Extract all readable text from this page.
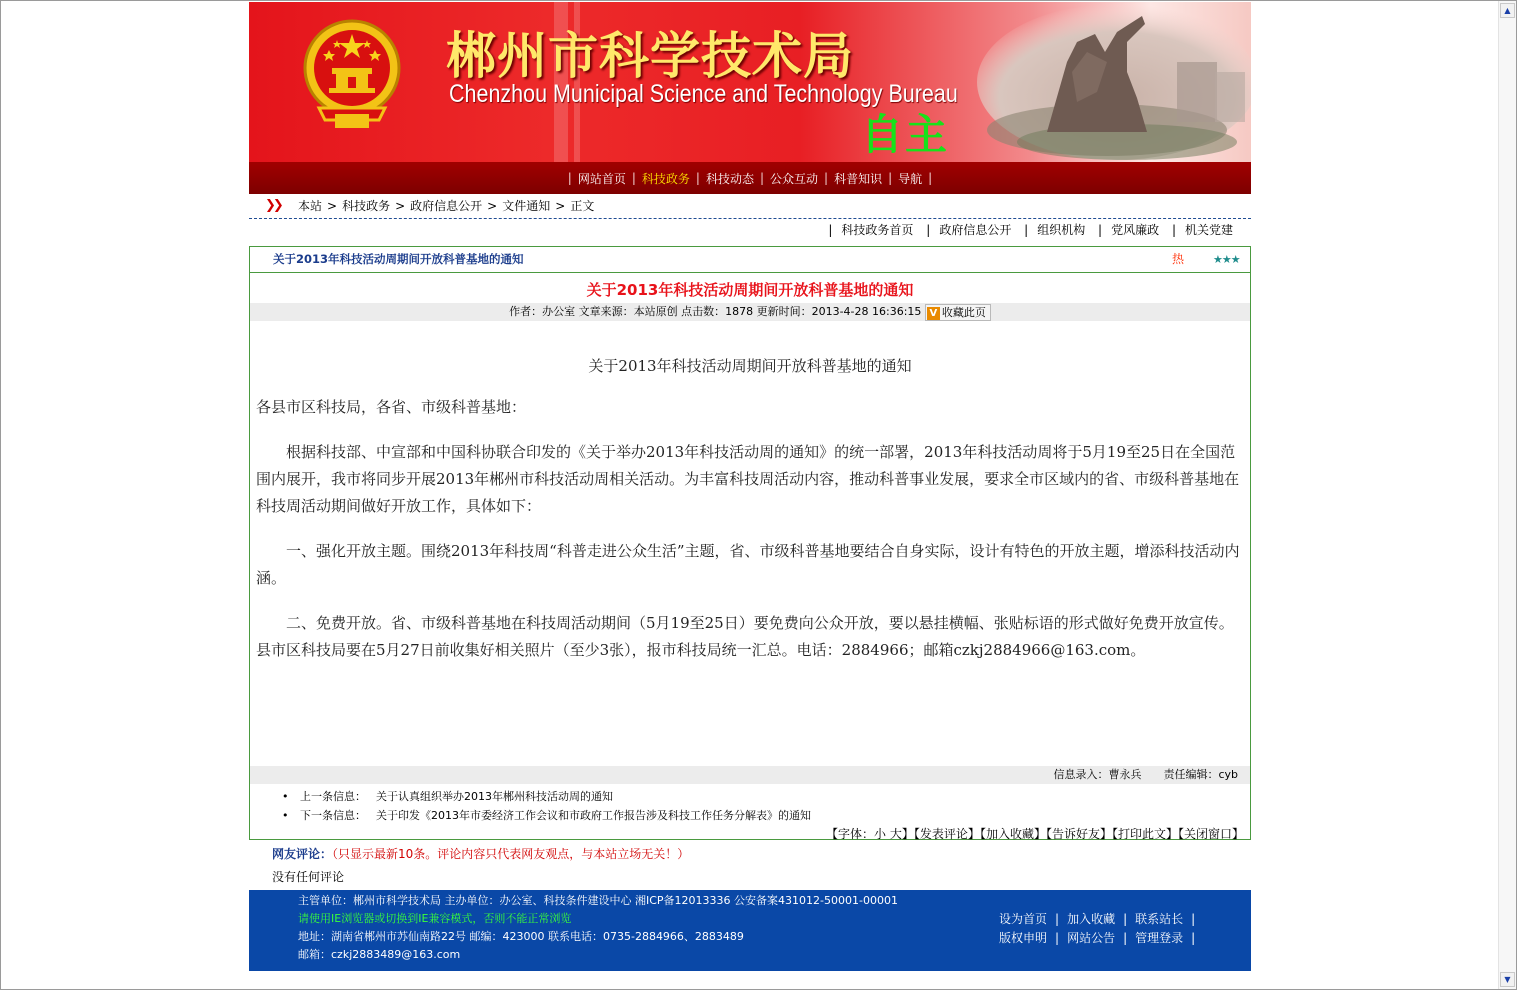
▲
▼
郴州市科学技术局
Chenzhou Municipal Science and Technology Bureau
自主
| 网站首页 | 科技政务 | 科技动态 | 公众互动 | 科普知识 | 导航 |
❯❯ 本站 > 科技政务 > 政府信息公开 > 文件通知 > 正文
| 科技政务首页 | 政府信息公开 | 组织机构 | 党风廉政 | 机关党建
关于2013年科技活动周期间开放科普基地的通知	热	★★★
关于2013年科技活动周期间开放科普基地的通知
作者：办公室 文章来源：本站原创 点击数：1878 更新时间：2013-4-28 16:36:15 V 收藏此页

关于2013年科技活动周期间开放科普基地的通知

各县市区科技局，各省、市级科普基地：

根据科技部、中宣部和中国科协联合印发的《关于举办2013年科技活动周的通知》的统一部署，2013年科技活动周将于5月19至25日在全国范围内展开，我市将同步开展2013年郴州市科技活动周相关活动。为丰富科技周活动内容，推动科普事业发展，要求全市区域内的省、市级科普基地在科技周活动期间做好开放工作，具体如下：

一、强化开放主题。围绕2013年科技周“科普走进公众生活”主题，省、市级科普基地要结合自身实际，设计有特色的开放主题，增添科技活动内涵。

二、免费开放。省、市级科普基地在科技周活动期间（5月19至25日）要免费向公众开放，要以悬挂横幅、张贴标语的形式做好免费开放宣传。县市区科技局要在5月27日前收集好相关照片（至少3张），报市科技局统一汇总。电话：2884966；邮箱czkj2884966@163.com。

信息录入：曹永兵 责任编辑：cyb
• 上一条信息： 关于认真组织举办2013年郴州科技活动周的通知
• 下一条信息： 关于印发《2013年市委经济工作会议和市政府工作报告涉及科技工作任务分解表》的通知
【字体：小 大】【发表评论】【加入收藏】【告诉好友】【打印此文】【关闭窗口】
网友评论：（只显示最新10条。评论内容只代表网友观点，与本站立场无关！）
没有任何评论
主管单位：郴州市科学技术局 主办单位：办公室、科技条件建设中心 湘ICP备12013336 公安备案431012-50001-00001
请使用IE浏览器或切换到IE兼容模式，否则不能正常浏览
地址：湖南省郴州市苏仙南路22号 邮编：423000 联系电话：0735-2884966、2883489
邮箱：czkj2883489@163.com
设为首页 | 加入收藏 | 联系站长 |
版权申明 | 网站公告 | 管理登录 |
